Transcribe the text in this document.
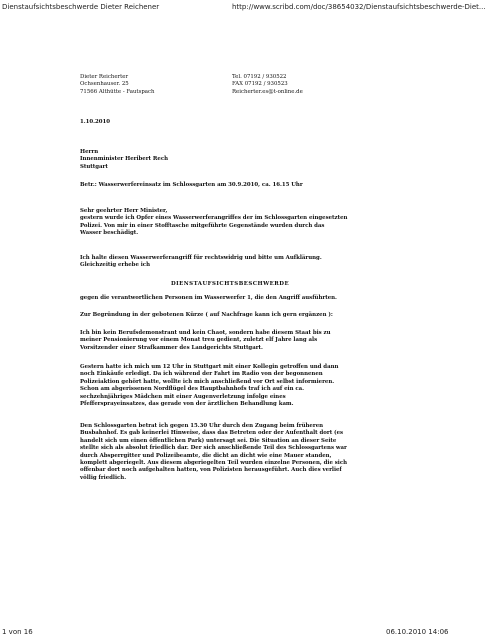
Dienstaufsichtsbeschwerde Dieter Reichener	http://www.scribd.com/doc/38654032/Dienstaufsichtsbeschwerde-Diet...
Dieter Reicherter
Ochsenhauser. 25
71566 Althütte - Fautspach
Tel. 07192 / 930522
FAX 07192 / 930523
Reicherter.es@t-online.de
1.10.2010
Herrn
Innenminister Heribert Rech
Stuttgart
Betr.: Wasserwerfereinsatz im Schlossgarten am 30.9.2010, ca. 16.15 Uhr
Sehr geehrter Herr Minister,
gestern wurde ich Opfer eines Wasserwerferangriffes der im Schlossgarten eingesetzten
Polizei. Von mir in einer Stofftasche mitgeführte Gegenstände wurden durch das
Wasser beschädigt.
Ich halte diesen Wasserwerferangriff für rechtswidrig und bitte um Aufklärung.
Gleichzeitig erhebe ich
DIENSTAUFSICHTSBESCHWERDE
gegen die verantwortlichen Personen im Wasserwerfer 1, die den Angriff ausführten.
Zur Begründung in der gebotenen Kürze ( auf Nachfrage kann ich gern ergänzen ):
Ich bin kein Berufsdemonstrant und kein Chaot, sondern habe diesem Staat bis zu
meiner Pensionierung vor einem Monat treu gedient, zuletzt elf Jahre lang als
Vorsitzender einer Strafkammer des Landgerichts Stuttgart.
Gestern hatte ich mich um 12 Uhr in Stuttgart mit einer Kollegin getroffen und dann
noch Einkäufe erledigt. Da ich während der Fahrt im Radio von der begonnenen
Polizeiaktion gehört hatte, wollte ich mich anschließend vor Ort selbst informieren.
Schon am abgerissenen Nordflügel des Hauptbahnhofs traf ich auf ein ca.
sechzehnjähriges Mädchen mit einer Augenverletzung infolge eines
Pfeffersprayeinsatzes, das gerade von der ärztlichen Behandlung kam.
Den Schlossgarten betrat ich gegen 15.30 Uhr durch den Zugang beim früheren
Busbahnhof. Es gab keinerlei Hinweise, dass das Betreten oder der Aufenthalt dort (es
handelt sich um einen öffentlichen Park) untersagt sei. Die Situation an dieser Seite
stellte sich als absolut friedlich dar. Der sich anschließende Teil des Schlossgartens war
durch Absperrgitter und Polizeibeamte, die dicht an dicht wie eine Mauer standen,
komplett abgeriegelt. Aus diesem abgeriegelten Teil wurden einzelne Personen, die sich
offenbar dort noch aufgehalten hatten, von Polizisten herausgeführt. Auch dies verlief
völlig friedlich.
1 von 16	06.10.2010 14:06
